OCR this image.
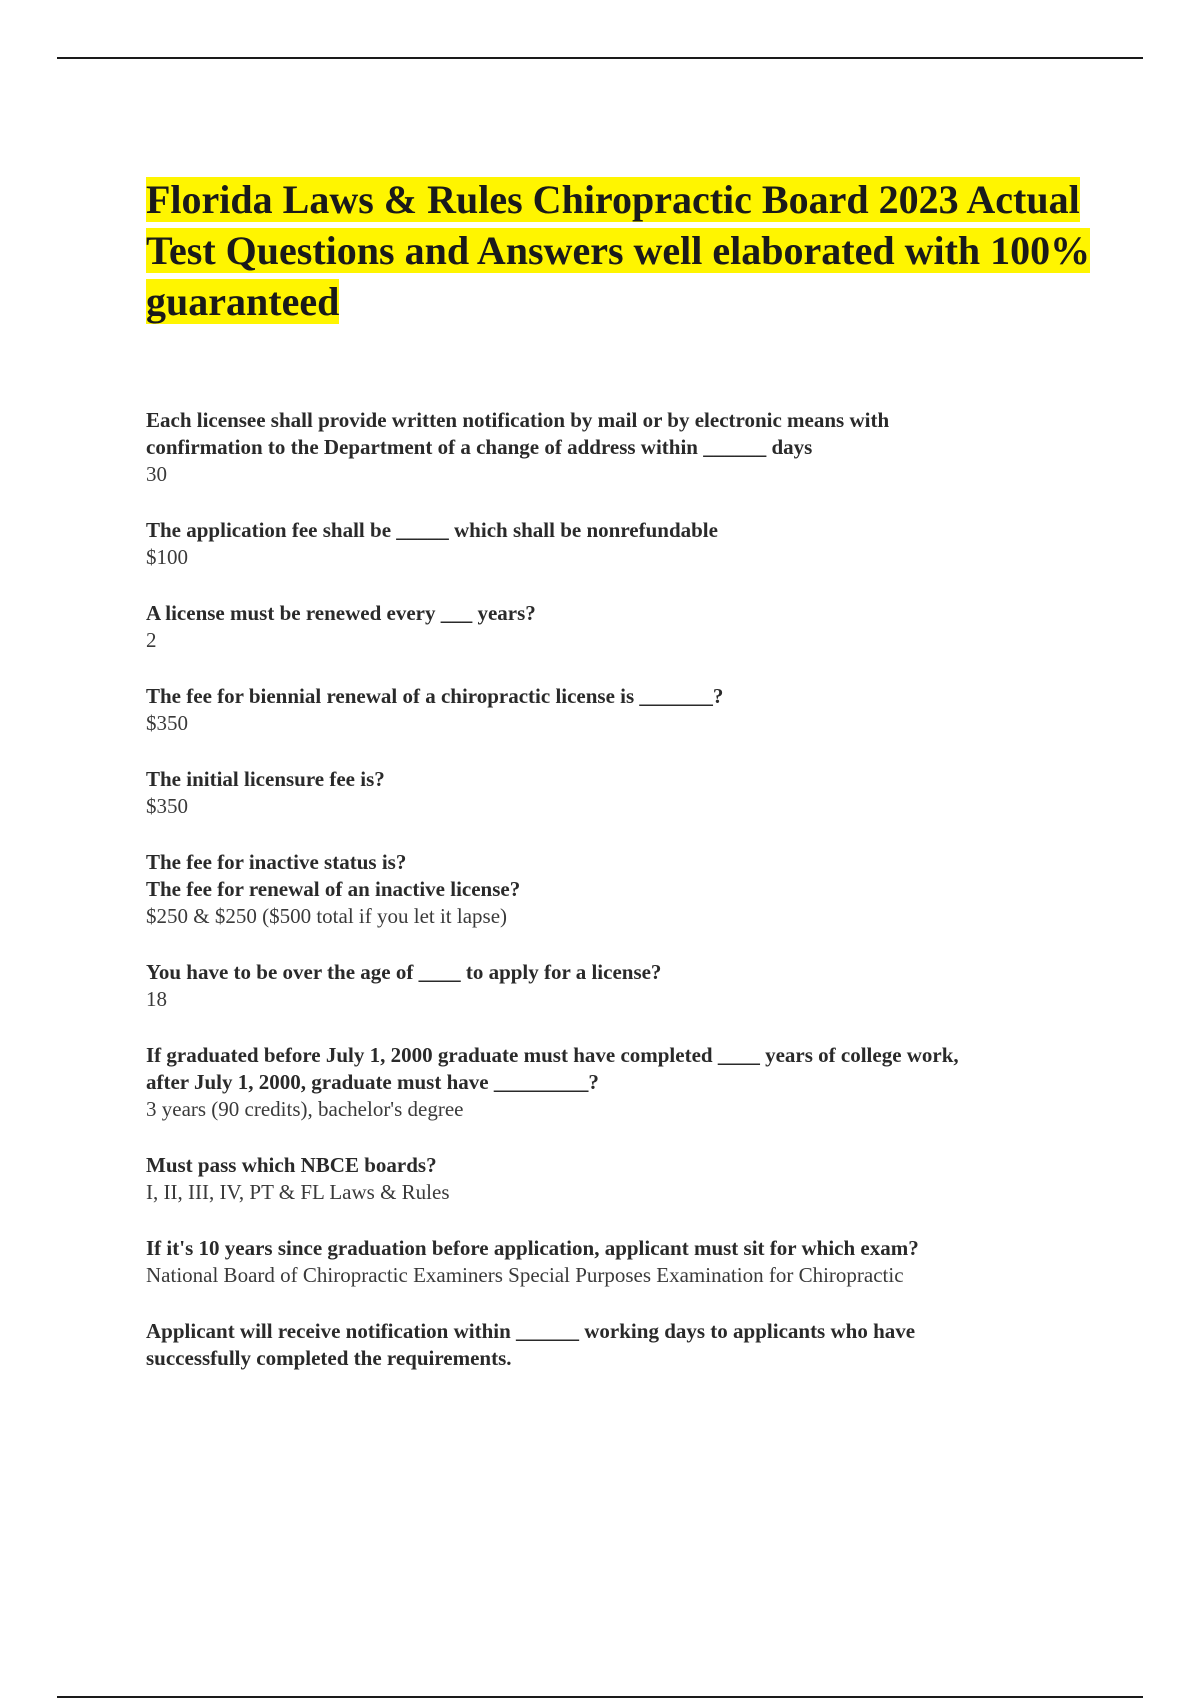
Florida Laws & Rules Chiropractic Board 2023 Actual Test Questions and Answers well elaborated with 100% guaranteed

Each licensee shall provide written notification by mail or by electronic means with

confirmation to the Department of a change of address within ______ days

30

The application fee shall be _____ which shall be nonrefundable

$100

A license must be renewed every ___ years?

2

The fee for biennial renewal of a chiropractic license is _______?

$350

The initial licensure fee is?

$350

The fee for inactive status is?

The fee for renewal of an inactive license?

$250 & $250 ($500 total if you let it lapse)

You have to be over the age of ____ to apply for a license?

18

If graduated before July 1, 2000 graduate must have completed ____ years of college work,

after July 1, 2000, graduate must have _________?

3 years (90 credits), bachelor's degree

Must pass which NBCE boards?

I, II, III, IV, PT & FL Laws & Rules

If it's 10 years since graduation before application, applicant must sit for which exam?

National Board of Chiropractic Examiners Special Purposes Examination for Chiropractic

Applicant will receive notification within ______ working days to applicants who have

successfully completed the requirements.
